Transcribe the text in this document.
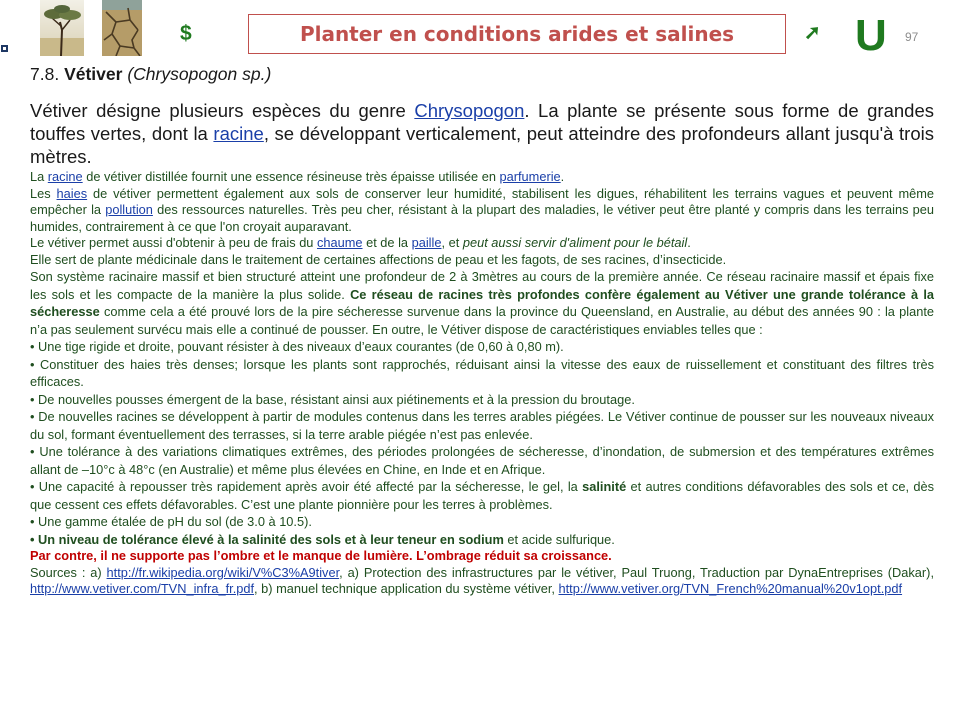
$	Planter en conditions arides et salines	➚ U 97
7.8. Vétiver (Chrysopogon sp.)
Vétiver désigne plusieurs espèces du genre Chrysopogon. La plante se présente sous forme de grandes touffes vertes, dont la racine, se développant verticalement, peut atteindre des profondeurs allant jusqu'à trois mètres.
La racine de vétiver distillée fournit une essence résineuse très épaisse utilisée en parfumerie.
Les haies de vétiver permettent également aux sols de conserver leur humidité, stabilisent les digues, réhabilitent les terrains vagues et peuvent même empêcher la pollution des ressources naturelles. Très peu cher, résistant à la plupart des maladies, le vétiver peut être planté y compris dans les terrains peu humides, contrairement à ce que l'on croyait auparavant.
Le vétiver permet aussi d'obtenir à peu de frais du chaume et de la paille, et peut aussi servir d'aliment pour le bétail.
Elle sert de plante médicinale dans le traitement de certaines affections de peau et les fagots, de ses racines, d’insecticide.
Son système racinaire massif et bien structuré atteint une profondeur de 2 à 3mètres au cours de la première année. Ce réseau racinaire massif et épais fixe les sols et les compacte de la manière la plus solide. Ce réseau de racines très profondes confère également au Vétiver une grande tolérance à la sécheresse comme cela a été prouvé lors de la pire sécheresse survenue dans la province du Queensland, en Australie, au début des années 90 : la plante n’a pas seulement survécu mais elle a continué de pousser. En outre, le Vétiver dispose de caractéristiques enviables telles que :
• Une tige rigide et droite, pouvant résister à des niveaux d’eaux courantes (de 0,60 à 0,80 m).
• Constituer des haies très denses; lorsque les plants sont rapprochés, réduisant ainsi la vitesse des eaux de ruissellement et constituant des filtres très efficaces.
• De nouvelles pousses émergent de la base, résistant ainsi aux piétinements et à la pression du broutage.
• De nouvelles racines se développent à partir de modules contenus dans les terres arables piégées. Le Vétiver continue de pousser sur les nouveaux niveaux du sol, formant éventuellement des terrasses, si la terre arable piégée n’est pas enlevée.
• Une tolérance à des variations climatiques extrêmes, des périodes prolongées de sécheresse, d’inondation, de submersion et des températures extrêmes allant de –10°c à 48°c (en Australie) et même plus élevées en Chine, en Inde et en Afrique.
• Une capacité à repousser très rapidement après avoir été affecté par la sécheresse, le gel, la salinité et autres conditions défavorables des sols et ce, dès que cessent ces effets défavorables. C’est une plante pionnière pour les terres à problèmes.
• Une gamme étalée de pH du sol (de 3.0 à 10.5).
• Un niveau de tolérance élevé à la salinité des sols et à leur teneur en sodium et acide sulfurique.
Par contre, il ne supporte pas l’ombre et le manque de lumière. L’ombrage réduit sa croissance.
Sources : a) http://fr.wikipedia.org/wiki/V%C3%A9tiver, a) Protection des infrastructures par le vétiver, Paul Truong, Traduction par DynaEntreprises (Dakar), http://www.vetiver.com/TVN_infra_fr.pdf, b) manuel technique application du système vétiver, http://www.vetiver.org/TVN_French%20manual%20v1opt.pdf
